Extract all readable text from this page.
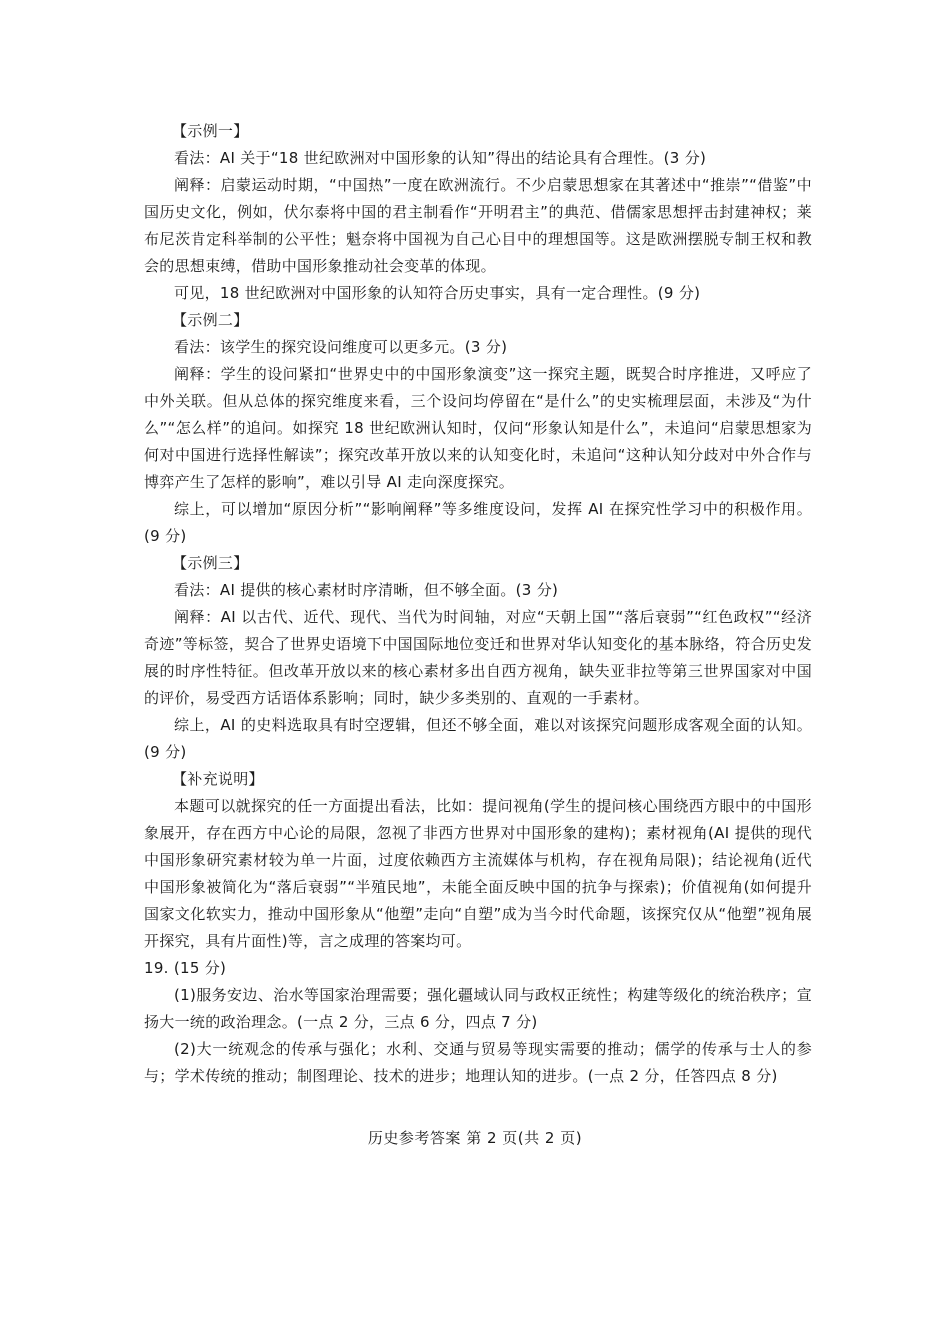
【示例一】

看法：AI 关于“18 世纪欧洲对中国形象的认知”得出的结论具有合理性。(3 分)

阐释：启蒙运动时期，“中国热”一度在欧洲流行。不少启蒙思想家在其著述中“推崇”“借鉴”中国历史文化，例如，伏尔泰将中国的君主制看作“开明君主”的典范、借儒家思想抨击封建神权；莱布尼茨肯定科举制的公平性；魁奈将中国视为自己心目中的理想国等。这是欧洲摆脱专制王权和教会的思想束缚，借助中国形象推动社会变革的体现。

可见，18 世纪欧洲对中国形象的认知符合历史事实，具有一定合理性。(9 分)

【示例二】

看法：该学生的探究设问维度可以更多元。(3 分)

阐释：学生的设问紧扣“世界史中的中国形象演变”这一探究主题，既契合时序推进，又呼应了中外关联。但从总体的探究维度来看，三个设问均停留在“是什么”的史实梳理层面，未涉及“为什么”“怎么样”的追问。如探究 18 世纪欧洲认知时，仅问“形象认知是什么”，未追问“启蒙思想家为何对中国进行选择性解读”；探究改革开放以来的认知变化时，未追问“这种认知分歧对中外合作与博弈产生了怎样的影响”，难以引导 AI 走向深度探究。

综上，可以增加“原因分析”“影响阐释”等多维度设问，发挥 AI 在探究性学习中的积极作用。(9 分)

【示例三】

看法：AI 提供的核心素材时序清晰，但不够全面。(3 分)

阐释：AI 以古代、近代、现代、当代为时间轴，对应“天朝上国”“落后衰弱”“红色政权”“经济奇迹”等标签，契合了世界史语境下中国国际地位变迁和世界对华认知变化的基本脉络，符合历史发展的时序性特征。但改革开放以来的核心素材多出自西方视角，缺失亚非拉等第三世界国家对中国的评价，易受西方话语体系影响；同时，缺少多类别的、直观的一手素材。

综上，AI 的史料选取具有时空逻辑，但还不够全面，难以对该探究问题形成客观全面的认知。(9 分)

【补充说明】

本题可以就探究的任一方面提出看法，比如：提问视角(学生的提问核心围绕西方眼中的中国形象展开，存在西方中心论的局限，忽视了非西方世界对中国形象的建构)；素材视角(AI 提供的现代中国形象研究素材较为单一片面，过度依赖西方主流媒体与机构，存在视角局限)；结论视角(近代中国形象被简化为“落后衰弱”“半殖民地”，未能全面反映中国的抗争与探索)；价值视角(如何提升国家文化软实力，推动中国形象从“他塑”走向“自塑”成为当今时代命题，该探究仅从“他塑”视角展开探究，具有片面性)等，言之成理的答案均可。

19. (15 分)

(1)服务安边、治水等国家治理需要；强化疆域认同与政权正统性；构建等级化的统治秩序；宣扬大一统的政治理念。(一点 2 分，三点 6 分，四点 7 分)

(2)大一统观念的传承与强化；水利、交通与贸易等现实需要的推动；儒学的传承与士人的参与；学术传统的推动；制图理论、技术的进步；地理认知的进步。(一点 2 分，任答四点 8 分)

历史参考答案 第 2 页(共 2 页)
